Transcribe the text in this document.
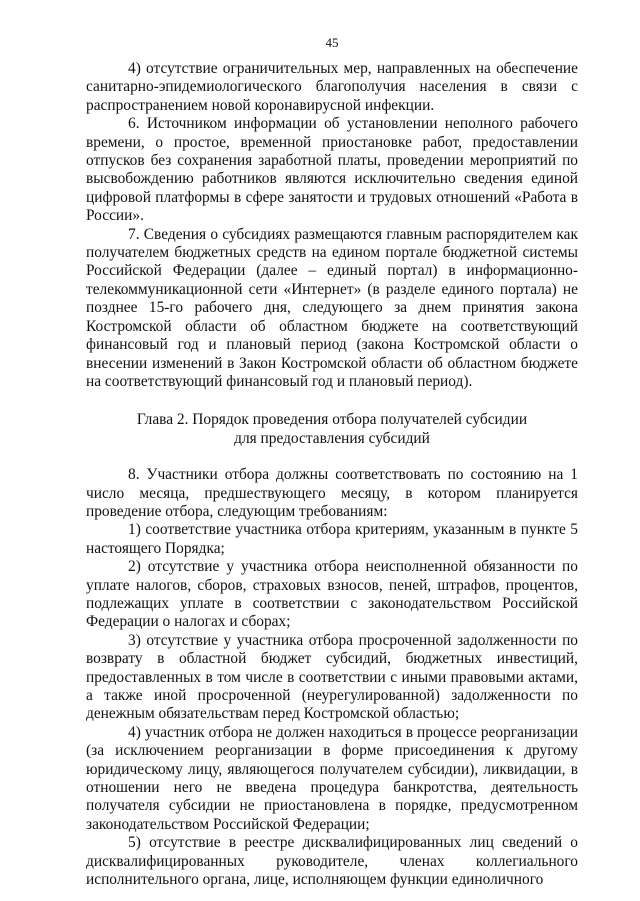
45

4) отсутствие ограничительных мер, направленных на обеспечение санитарно-эпидемиологического благополучия населения в связи с распространением новой коронавирусной инфекции.

6. Источником информации об установлении неполного рабочего времени, о простое, временной приостановке работ, предоставлении отпусков без сохранения заработной платы, проведении мероприятий по высвобождению работников являются исключительно сведения единой цифровой платформы в сфере занятости и трудовых отношений «Работа в России».

7. Сведения о субсидиях размещаются главным распорядителем как получателем бюджетных средств на едином портале бюджетной системы Российской Федерации (далее – единый портал) в информационно-телекоммуникационной сети «Интернет» (в разделе единого портала) не позднее 15-го рабочего дня, следующего за днем принятия закона Костромской области об областном бюджете на соответствующий финансовый год и плановый период (закона Костромской области о внесении изменений в Закон Костромской области об областном бюджете на соответствующий финансовый год и плановый период).

Глава 2. Порядок проведения отбора получателей субсидии
для предоставления субсидий

8. Участники отбора должны соответствовать по состоянию на 1 число месяца, предшествующего месяцу, в котором планируется проведение отбора, следующим требованиям:

1) соответствие участника отбора критериям, указанным в пункте 5 настоящего Порядка;

2) отсутствие у участника отбора неисполненной обязанности по уплате налогов, сборов, страховых взносов, пеней, штрафов, процентов, подлежащих уплате в соответствии с законодательством Российской Федерации о налогах и сборах;

3) отсутствие у участника отбора просроченной задолженности по возврату в областной бюджет субсидий, бюджетных инвестиций, предоставленных в том числе в соответствии с иными правовыми актами, а также иной просроченной (неурегулированной) задолженности по денежным обязательствам перед Костромской областью;

4) участник отбора не должен находиться в процессе реорганизации (за исключением реорганизации в форме присоединения к другому юридическому лицу, являющегося получателем субсидии), ликвидации, в отношении него не введена процедура банкротства, деятельность получателя субсидии не приостановлена в порядке, предусмотренном законодательством Российской Федерации;

5) отсутствие в реестре дисквалифицированных лиц сведений о дисквалифицированных руководителе, членах коллегиального исполнительного органа, лице, исполняющем функции единоличного
